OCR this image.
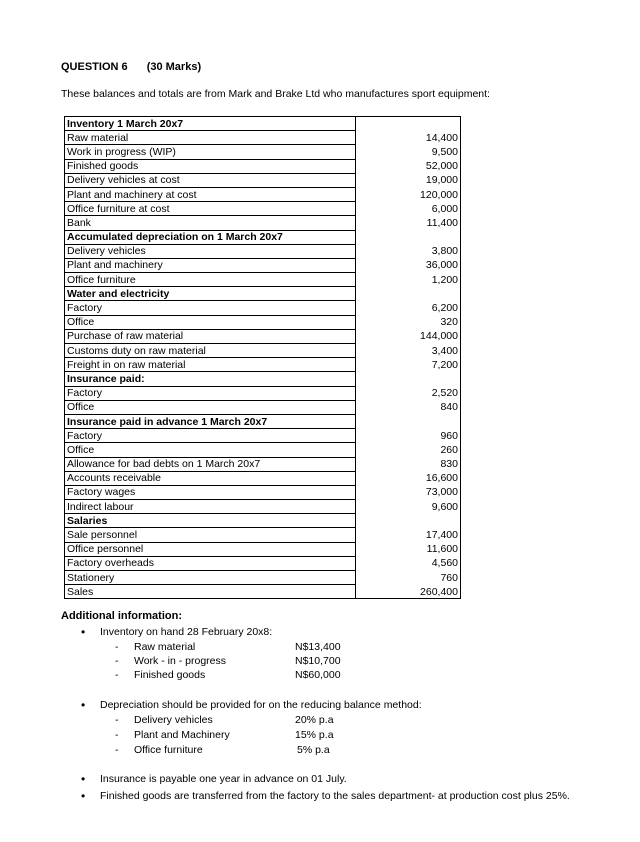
QUESTION 6 (30 Marks)
These balances and totals are from Mark and Brake Ltd who manufactures sport equipment:
Inventory 1 March 20x7	
Raw material	14,400
Work in progress (WIP)	9,500
Finished goods	52,000
Delivery vehicles at cost	19,000
Plant and machinery at cost	120,000
Office furniture at cost	6,000
Bank	11,400
Accumulated depreciation on 1 March 20x7	
Delivery vehicles	3,800
Plant and machinery	36,000
Office furniture	1,200
Water and electricity	
Factory	6,200
Office	320
Purchase of raw material	144,000
Customs duty on raw material	3,400
Freight in on raw material	7,200
Insurance paid:	
Factory	2,520
Office	840
Insurance paid in advance 1 March 20x7	
Factory	960
Office	260
Allowance for bad debts on 1 March 20x7	830
Accounts receivable	16,600
Factory wages	73,000
Indirect labour	9,600
Salaries	
Sale personnel	17,400
Office personnel	11,600
Factory overheads	4,560
Stationery	760
Sales	260,400
Additional information:
• Inventory on hand 28 February 20x8:
Raw material	N$13,400
Work - in - progress	N$10,700
Finished goods	N$60,000
• Depreciation should be provided for on the reducing balance method:
Delivery vehicles	20% p.a
Plant and Machinery	15% p.a
Office furniture	5% p.a
• Insurance is payable one year in advance on 01 July.
• Finished goods are transferred from the factory to the sales department- at production cost plus 25%.
